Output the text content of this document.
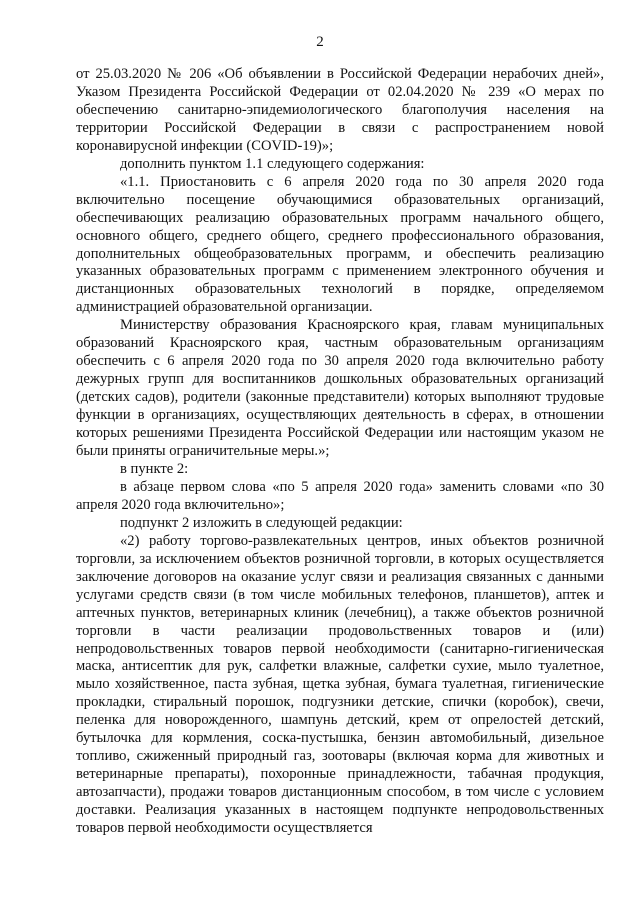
2

от 25.03.2020 № 206 «Об объявлении в Российской Федерации нерабочих дней», Указом Президента Российской Федерации от 02.04.2020 № 239 «О мерах по обеспечению санитарно-эпидемиологического благополучия населения на территории Российской Федерации в связи с распространением новой коронавирусной инфекции (COVID-19)»;

дополнить пунктом 1.1 следующего содержания:

«1.1. Приостановить с 6 апреля 2020 года по 30 апреля 2020 года включительно посещение обучающимися образовательных организаций, обеспечивающих реализацию образовательных программ начального общего, основного общего, среднего общего, среднего профессионального образования, дополнительных общеобразовательных программ, и обеспечить реализацию указанных образовательных программ с применением электронного обучения и дистанционных образовательных технологий в порядке, определяемом администрацией образовательной организации.

Министерству образования Красноярского края, главам муниципальных образований Красноярского края, частным образовательным организациям обеспечить с 6 апреля 2020 года по 30 апреля 2020 года включительно работу дежурных групп для воспитанников дошкольных образовательных организаций (детских садов), родители (законные представители) которых выполняют трудовые функции в организациях, осуществляющих деятельность в сферах, в отношении которых решениями Президента Российской Федерации или настоящим указом не были приняты ограничительные меры.»;

в пункте 2:

в абзаце первом слова «по 5 апреля 2020 года» заменить словами «по 30 апреля 2020 года включительно»;

подпункт 2 изложить в следующей редакции:

«2) работу торгово-развлекательных центров, иных объектов розничной торговли, за исключением объектов розничной торговли, в которых осуществляется заключение договоров на оказание услуг связи и реализация связанных с данными услугами средств связи (в том числе мобильных телефонов, планшетов), аптек и аптечных пунктов, ветеринарных клиник (лечебниц), а также объектов розничной торговли в части реализации продовольственных товаров и (или) непродовольственных товаров первой необходимости (санитарно-гигиеническая маска, антисептик для рук, салфетки влажные, салфетки сухие, мыло туалетное, мыло хозяйственное, паста зубная, щетка зубная, бумага туалетная, гигиенические прокладки, стиральный порошок, подгузники детские, спички (коробок), свечи, пеленка для новорожденного, шампунь детский, крем от опрелостей детский, бутылочка для кормления, соска-пустышка, бензин автомобильный, дизельное топливо, сжиженный природный газ, зоотовары (включая корма для животных и ветеринарные препараты), похоронные принадлежности, табачная продукция, автозапчасти), продажи товаров дистанционным способом, в том числе с условием доставки. Реализация указанных в настоящем подпункте непродовольственных товаров первой необходимости осуществляется
